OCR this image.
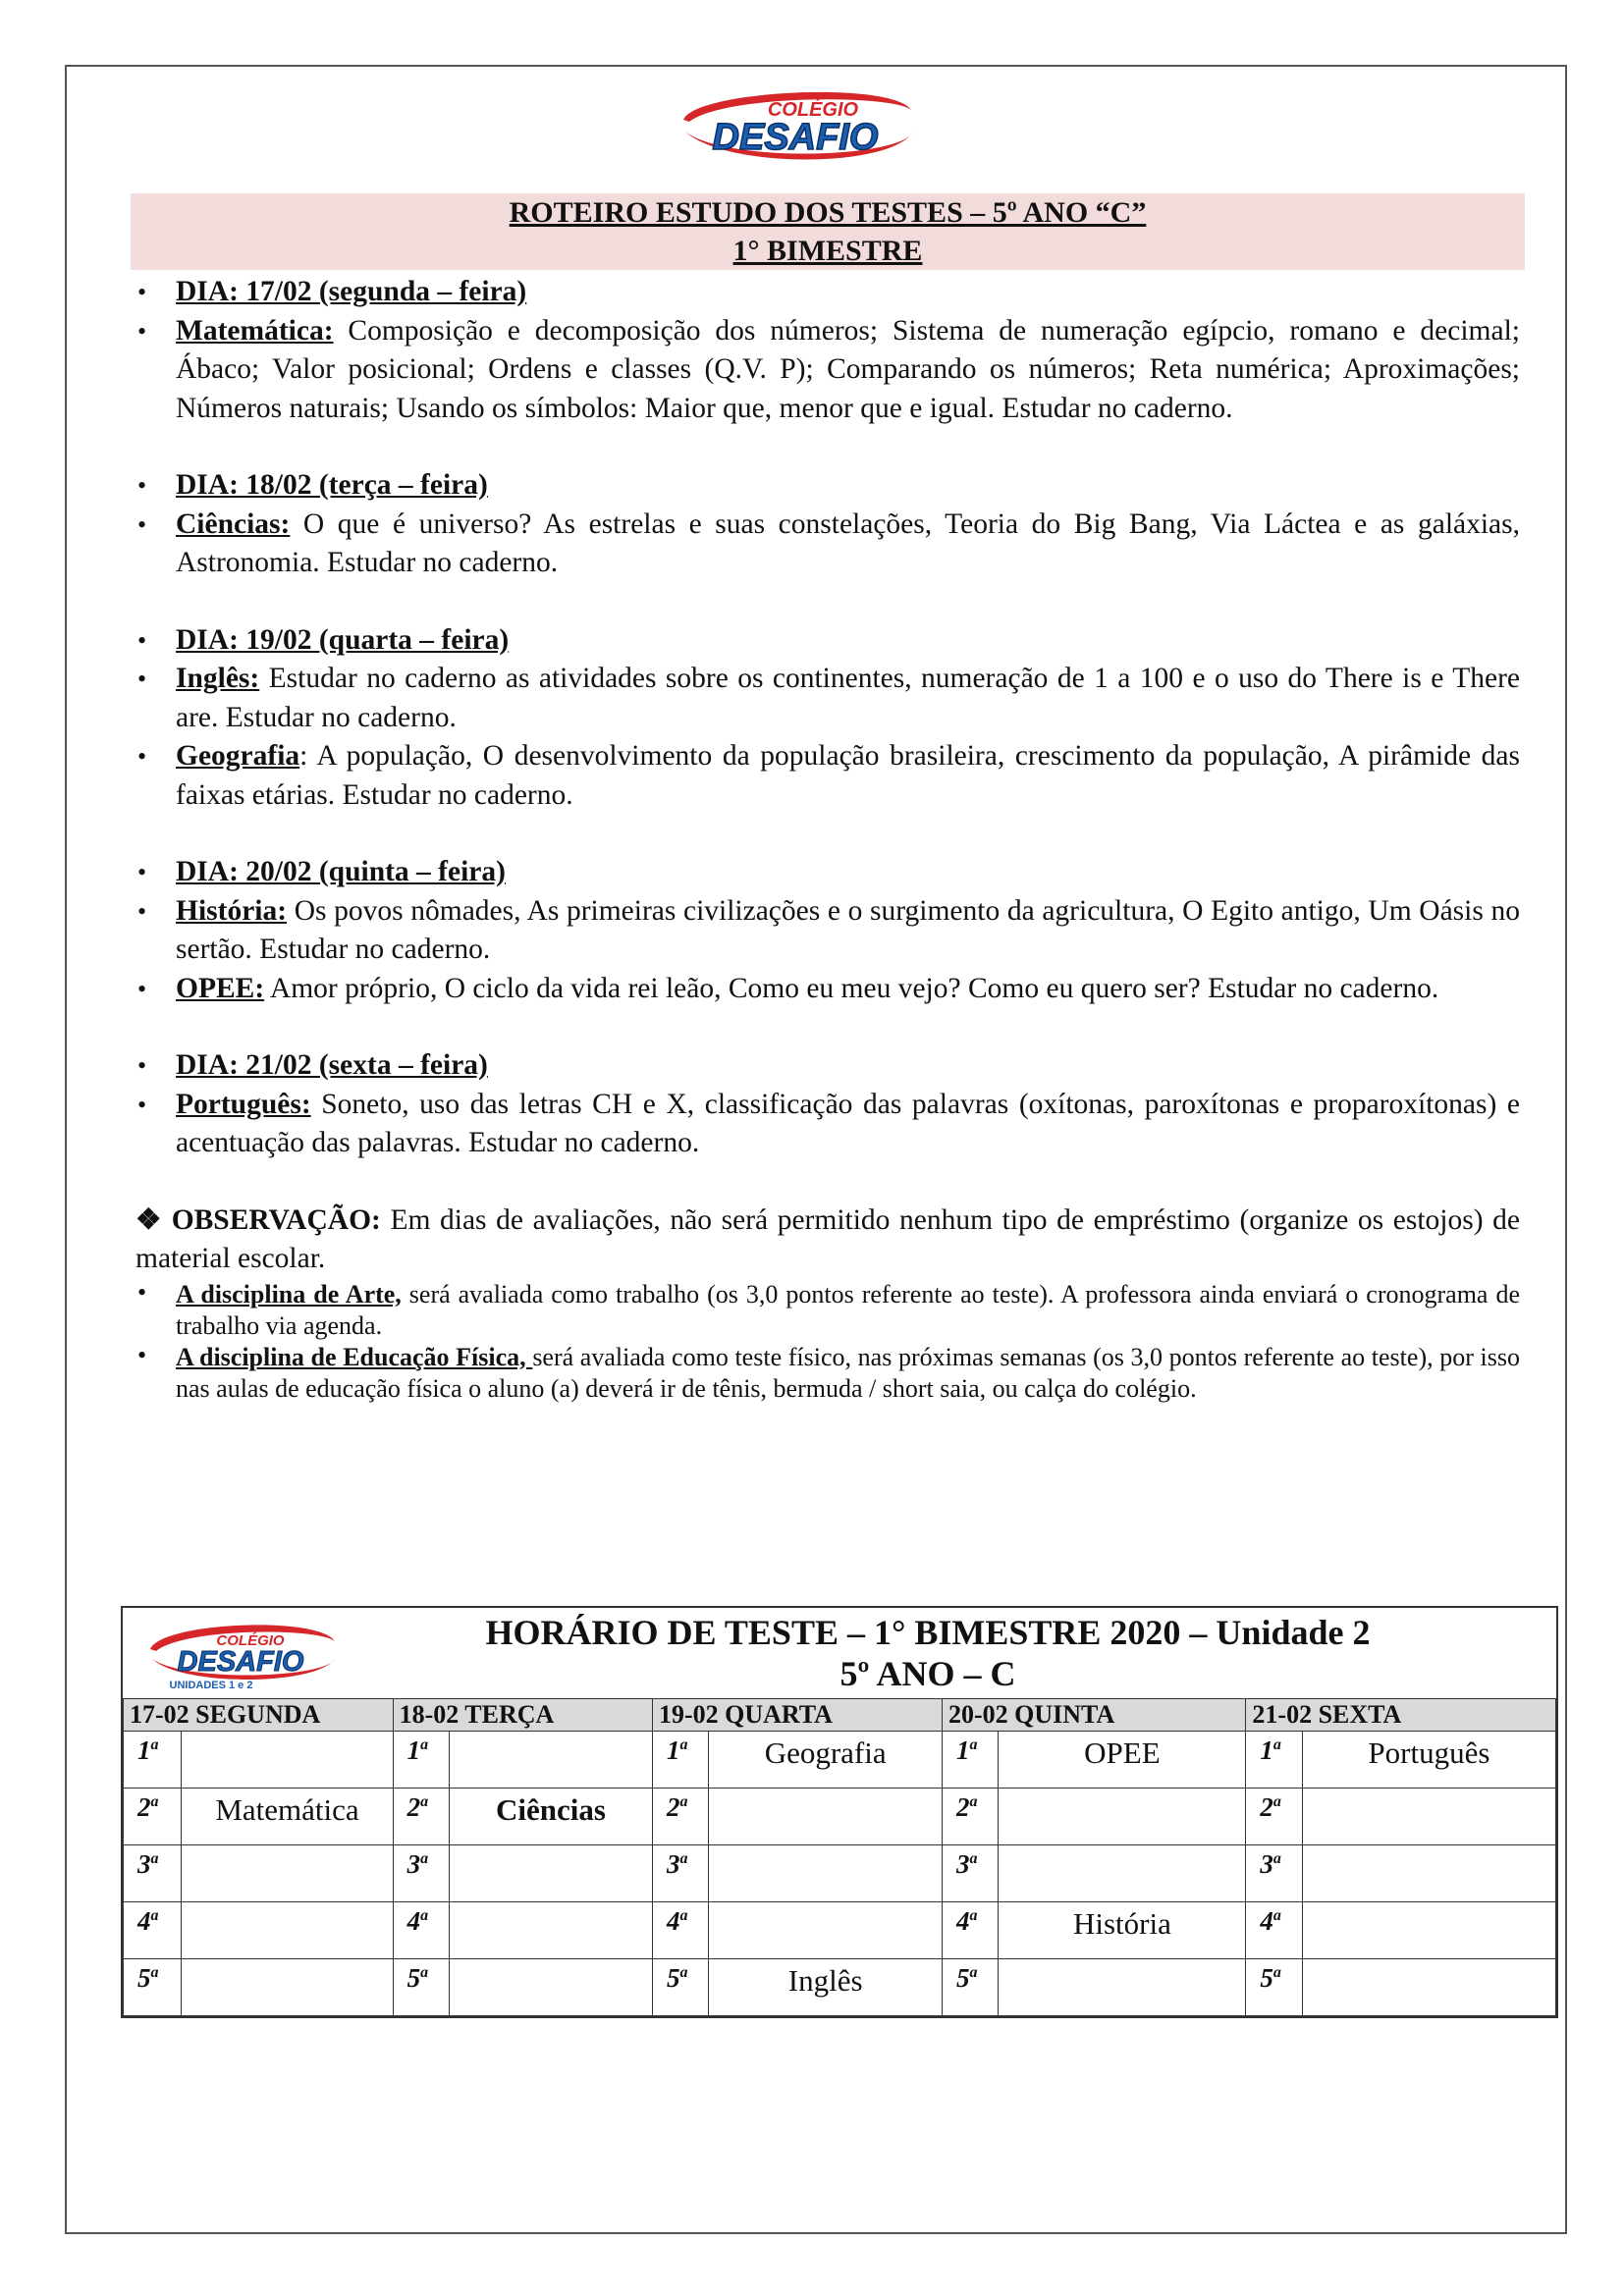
COLÉGIO
DESAFIO
ROTEIRO ESTUDO DOS TESTES – 5º ANO “C”
1° BIMESTRE
• DIA: 17/02 (segunda – feira)
• Matemática: Composição e decomposição dos números; Sistema de numeração egípcio, romano e decimal; Ábaco; Valor posicional; Ordens e classes (Q.V. P); Comparando os números; Reta numérica; Aproximações; Números naturais; Usando os símbolos: Maior que, menor que e igual. Estudar no caderno.
• DIA: 18/02 (terça – feira)
• Ciências: O que é universo? As estrelas e suas constelações, Teoria do Big Bang, Via Láctea e as galáxias, Astronomia. Estudar no caderno.
• DIA: 19/02 (quarta – feira)
• Inglês: Estudar no caderno as atividades sobre os continentes, numeração de 1 a 100 e o uso do There is e There are. Estudar no caderno.
• Geografia: A população, O desenvolvimento da população brasileira, crescimento da população, A pirâmide das faixas etárias. Estudar no caderno.
• DIA: 20/02 (quinta – feira)
• História: Os povos nômades, As primeiras civilizações e o surgimento da agricultura, O Egito antigo, Um Oásis no sertão. Estudar no caderno.
• OPEE: Amor próprio, O ciclo da vida rei leão, Como eu meu vejo? Como eu quero ser? Estudar no caderno.
• DIA: 21/02 (sexta – feira)
• Português: Soneto, uso das letras CH e X, classificação das palavras (oxítonas, paroxítonas e proparoxítonas) e acentuação das palavras. Estudar no caderno.
❖ OBSERVAÇÃO: Em dias de avaliações, não será permitido nenhum tipo de empréstimo (organize os estojos) de material escolar.
• A disciplina de Arte, será avaliada como trabalho (os 3,0 pontos referente ao teste). A professora ainda enviará o cronograma de trabalho via agenda.
• A disciplina de Educação Física, será avaliada como teste físico, nas próximas semanas (os 3,0 pontos referente ao teste), por isso nas aulas de educação física o aluno (a) deverá ir de tênis, bermuda / short saia, ou calça do colégio.
COLÉGIO
DESAFIO
UNIDADES 1 e 2
HORÁRIO DE TESTE – 1° BIMESTRE 2020 – Unidade 2
5º ANO – C
17-02 SEGUNDA		18-02 TERÇA		19-02 QUARTA		20-02 QUINTA		21-02 SEXTA	
1$^a$		1$^a$		1$^a$	Geografia	1$^a$	OPEE	1$^a$	Português
2$^a$	Matemática	2$^a$	Ciências	2$^a$		2$^a$		2$^a$	
3$^a$		3$^a$		3$^a$		3$^a$		3$^a$	
4$^a$		4$^a$		4$^a$		4$^a$	História	4$^a$	
5$^a$		5$^a$		5$^a$	Inglês	5$^a$		5$^a$	
